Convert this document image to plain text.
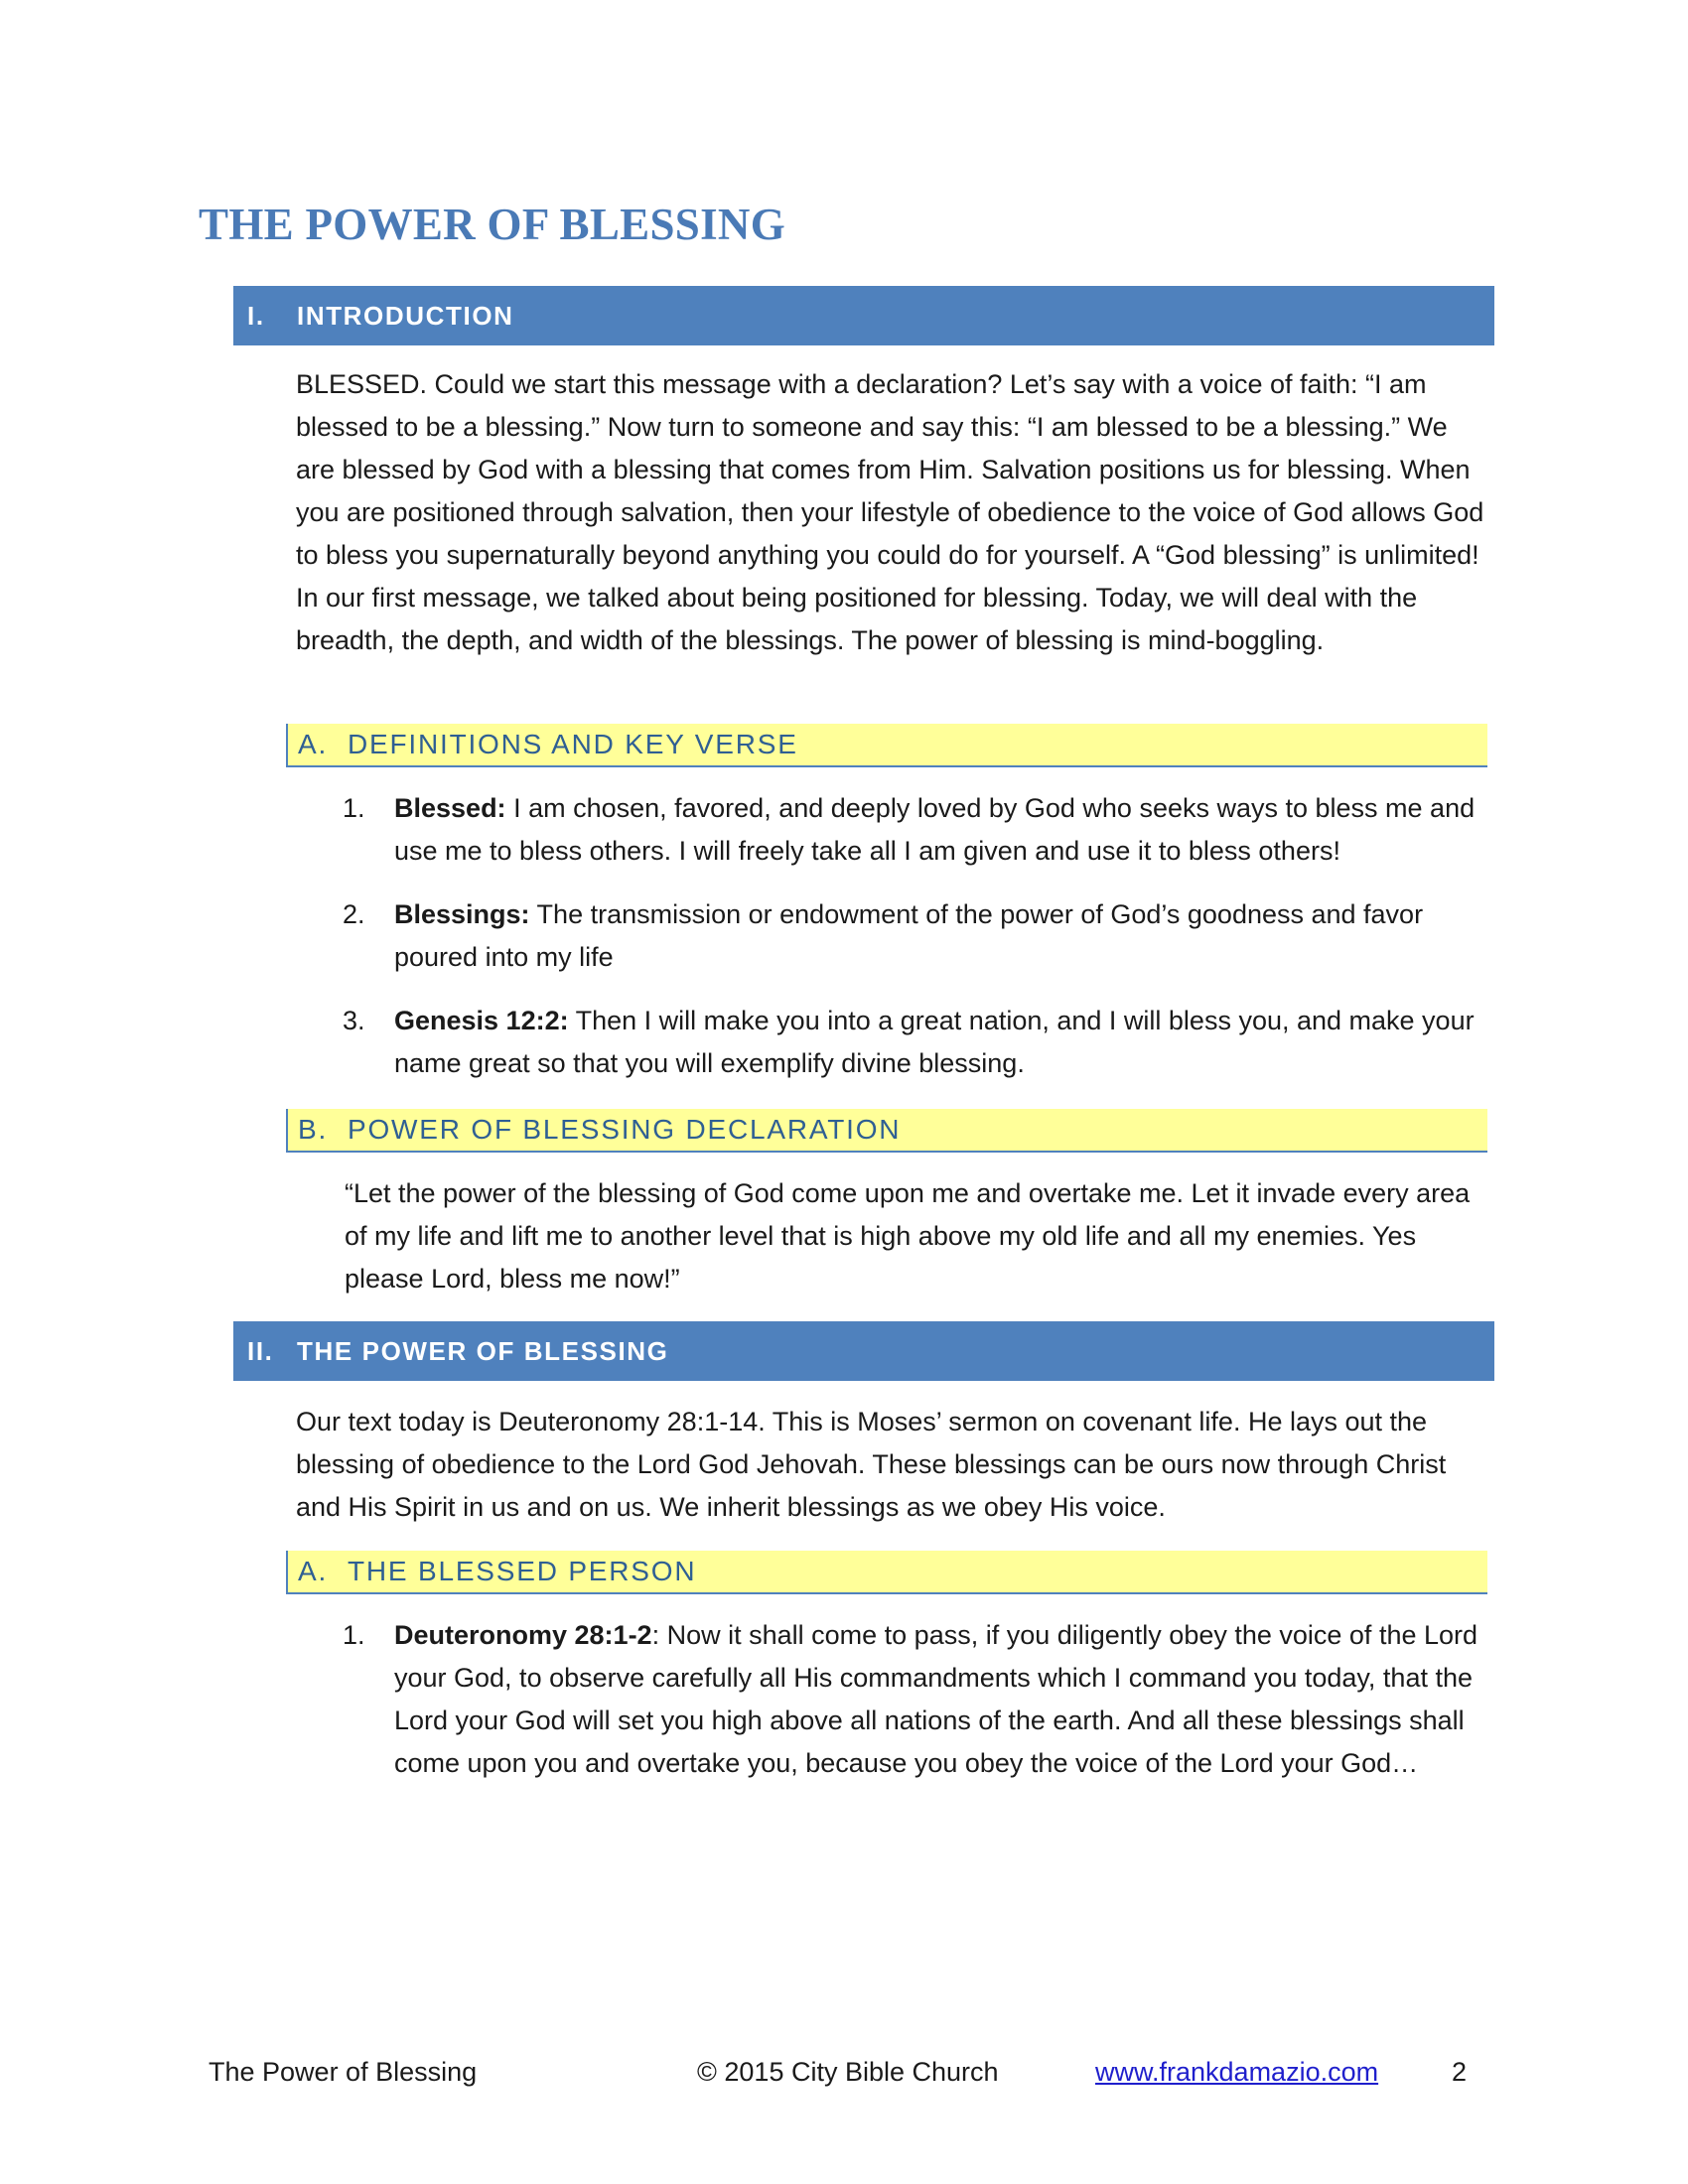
THE POWER OF BLESSING
I.	INTRODUCTION

BLESSED. Could we start this message with a declaration? Let’s say with a voice of faith: “I am blessed to be a blessing.” Now turn to someone and say this: “I am blessed to be a blessing.” We are blessed by God with a blessing that comes from Him. Salvation positions us for blessing. When you are positioned through salvation, then your lifestyle of obedience to the voice of God allows God to bless you supernaturally beyond anything you could do for yourself. A “God blessing” is unlimited! In our first message, we talked about being positioned for blessing. Today, we will deal with the breadth, the depth, and width of the blessings. The power of blessing is mind-boggling.

A. DEFINITIONS AND KEY VERSE
1.	Blessed: I am chosen, favored, and deeply loved by God who seeks ways to bless me and use me to bless others. I will freely take all I am given and use it to bless others!
2.	Blessings: The transmission or endowment of the power of God’s goodness and favor poured into my life
3.	Genesis 12:2: Then I will make you into a great nation, and I will bless you, and make your name great so that you will exemplify divine blessing.
B. POWER OF BLESSING DECLARATION

“Let the power of the blessing of God come upon me and overtake me. Let it invade every area of my life and lift me to another level that is high above my old life and all my enemies. Yes please Lord, bless me now!”

II. THE POWER OF BLESSING

Our text today is Deuteronomy 28:1-14. This is Moses’ sermon on covenant life. He lays out the blessing of obedience to the Lord God Jehovah. These blessings can be ours now through Christ and His Spirit in us and on us. We inherit blessings as we obey His voice.

A. THE BLESSED PERSON
1.	Deuteronomy 28:1-2: Now it shall come to pass, if you diligently obey the voice of the Lord your God, to observe carefully all His commandments which I command you today, that the Lord your God will set you high above all nations of the earth. And all these blessings shall come upon you and overtake you, because you obey the voice of the Lord your God…
The Power of Blessing	© 2015 City Bible Church	www.frankdamazio.com	2
